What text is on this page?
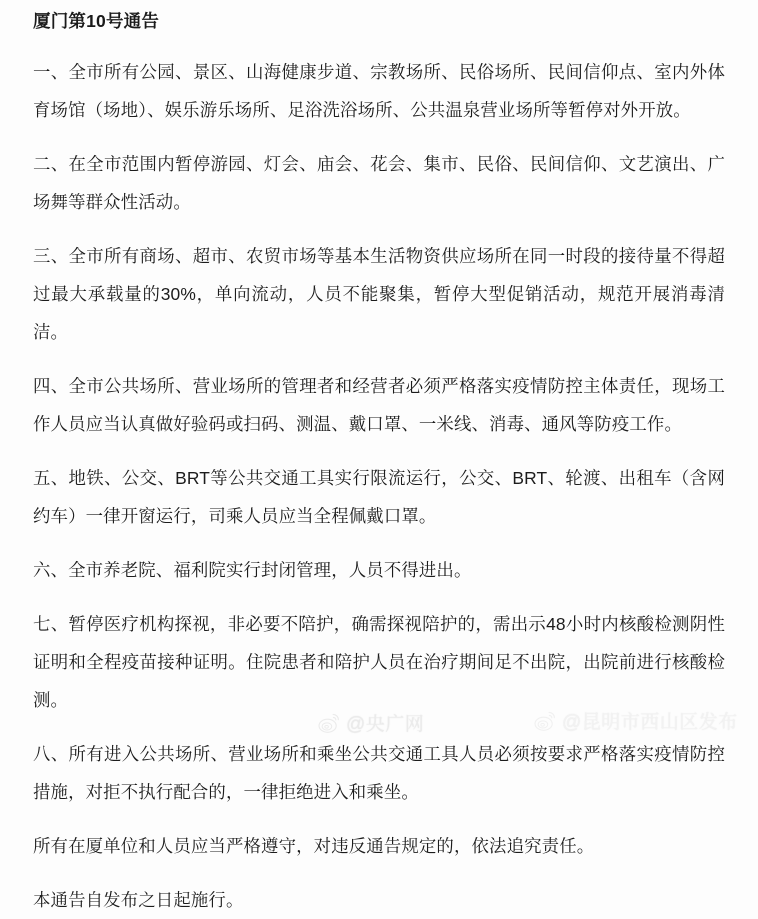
厦门第10号通告

一、全市所有公园、景区、山海健康步道、宗教场所、民俗场所、民间信仰点、室内外体育场馆（场地）、娱乐游乐场所、足浴洗浴场所、公共温泉营业场所等暂停对外开放。

二、在全市范围内暂停游园、灯会、庙会、花会、集市、民俗、民间信仰、文艺演出、广场舞等群众性活动。

三、全市所有商场、超市、农贸市场等基本生活物资供应场所在同一时段的接待量不得超过最大承载量的30%，单向流动，人员不能聚集，暂停大型促销活动，规范开展消毒清洁。

四、全市公共场所、营业场所的管理者和经营者必须严格落实疫情防控主体责任，现场工作人员应当认真做好验码或扫码、测温、戴口罩、一米线、消毒、通风等防疫工作。

五、地铁、公交、BRT等公共交通工具实行限流运行，公交、BRT、轮渡、出租车（含网约车）一律开窗运行，司乘人员应当全程佩戴口罩。

六、全市养老院、福利院实行封闭管理，人员不得进出。

七、暂停医疗机构探视，非必要不陪护，确需探视陪护的，需出示48小时内核酸检测阴性证明和全程疫苗接种证明。住院患者和陪护人员在治疗期间足不出院，出院前进行核酸检测。

八、所有进入公共场所、营业场所和乘坐公共交通工具人员必须按要求严格落实疫情防控措施，对拒不执行配合的，一律拒绝进入和乘坐。

所有在厦单位和人员应当严格遵守，对违反通告规定的，依法追究责任。

本通告自发布之日起施行。

@央广网	@昆明市西山区发布
